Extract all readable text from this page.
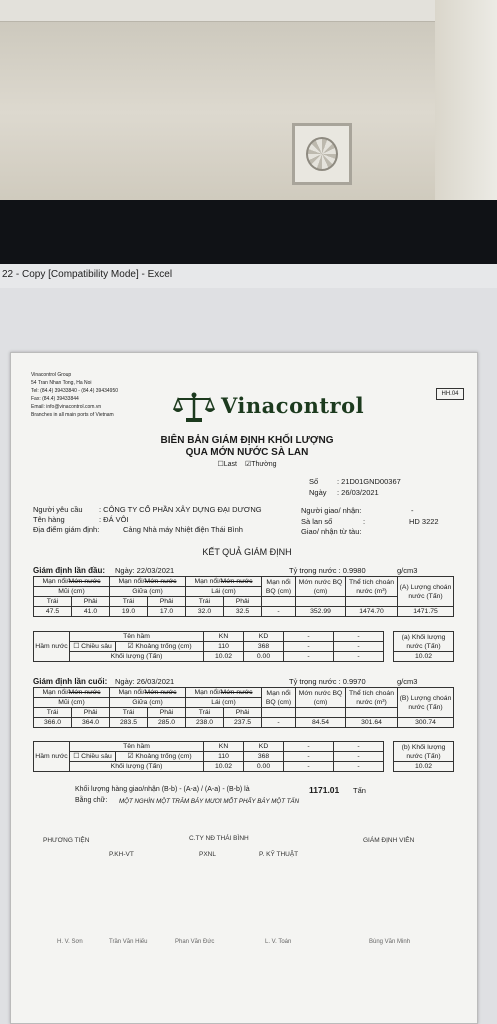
22 - Copy [Compatibility Mode] - Excel
Vinacontrol Group
54 Tran Nhan Tong, Ha Noi
Tel: (84.4) 39433840 - (84.4) 39434950
Fax: (84.4) 39433844
Email: info@vinacontrol.com.vn
Branches in all main ports of Vietnam
HH.04
Vinacontrol
BIÊN BẢN GIÁM ĐỊNH KHỐI LƯỢNG
QUA MỚN NƯỚC SÀ LAN
☐Last ☑Thường
Số	: 21D01GND00367
Ngày : 26/03/2021
Người yêu cầu : CÔNG TY CỔ PHẦN XÂY DỰNG ĐẠI DƯƠNG
Tên hàng	: ĐÁ VÔI
Địa điểm giám định:	Cảng Nhà máy Nhiệt điện Thái Bình
Người giao/ nhận:	-
Sà lan số	:	HD 3222
Giao/ nhận từ tàu:
KẾT QUẢ GIÁM ĐỊNH
Giám định lần đầu: Ngày: 22/03/2021	Tỷ trọng nước : 0.9980	g/cm3
Mạn nổi/Mớn nước		Mạn nổi/Mớn nước		Mạn nổi/Mớn nước		Mạn nổi BQ (cm)	Mớn nước BQ (cm)	Thể tích choán nước (m³)	(A) Lượng choán nước (Tấn)
Mũi (cm)		Giữa (cm)		Lái (cm)					
Trái	Phải	Trái	Phải	Trái	Phải				
47.5	41.0	19.0	17.0	32.0	32.5	-	352.99	1474.70	1471.75
Hầm nước	Tên hầm		KN	KD	-	-		(a) Khối lượng nước (Tấn)
	☐ Chiều sâu	☑ Khoảng trống (cm)	110	368	-	-		
	Khối lượng (Tấn)		10.02	0.00	-	-		10.02
Giám định lần cuối: Ngày: 26/03/2021	Tỷ trọng nước : 0.9970	g/cm3
Mạn nổi/Mớn nước		Mạn nổi/Mớn nước		Mạn nổi/Mớn nước		Mạn nổi BQ (cm)	Mớn nước BQ (cm)	Thể tích choán nước (m³)	(B) Lượng choán nước (Tấn)
Mũi (cm)		Giữa (cm)		Lái (cm)					
Trái	Phải	Trái	Phải	Trái	Phải				
366.0	364.0	283.5	285.0	238.0	237.5	-	84.54	301.64	300.74
Hầm nước	Tên hầm		KN	KD	-	-		(b) Khối lượng nước (Tấn)
	☐ Chiều sâu	☑ Khoảng trống (cm)	110	368	-	-		
	Khối lượng (Tấn)		10.02	0.00	-	-		10.02
Khối lượng hàng giao/nhận (B-b) - (A-a) / (A-a) - (B-b) là	1171.01 Tấn
Bằng chữ: MỘT NGHÌN MỘT TRĂM BẢY MƯƠI MỐT PHẨY BẢY MỘT TẤN
PHƯƠNG TIỆN	C.TY NĐ THÁI BÌNH	GIÁM ĐỊNH VIÊN
P.KH-VT	PXNL	P. KỸ THUẬT
H. V. Sơn	Trần Văn Hiếu	Phan Văn Đức	L. V. Toán	Bùng Văn Minh
